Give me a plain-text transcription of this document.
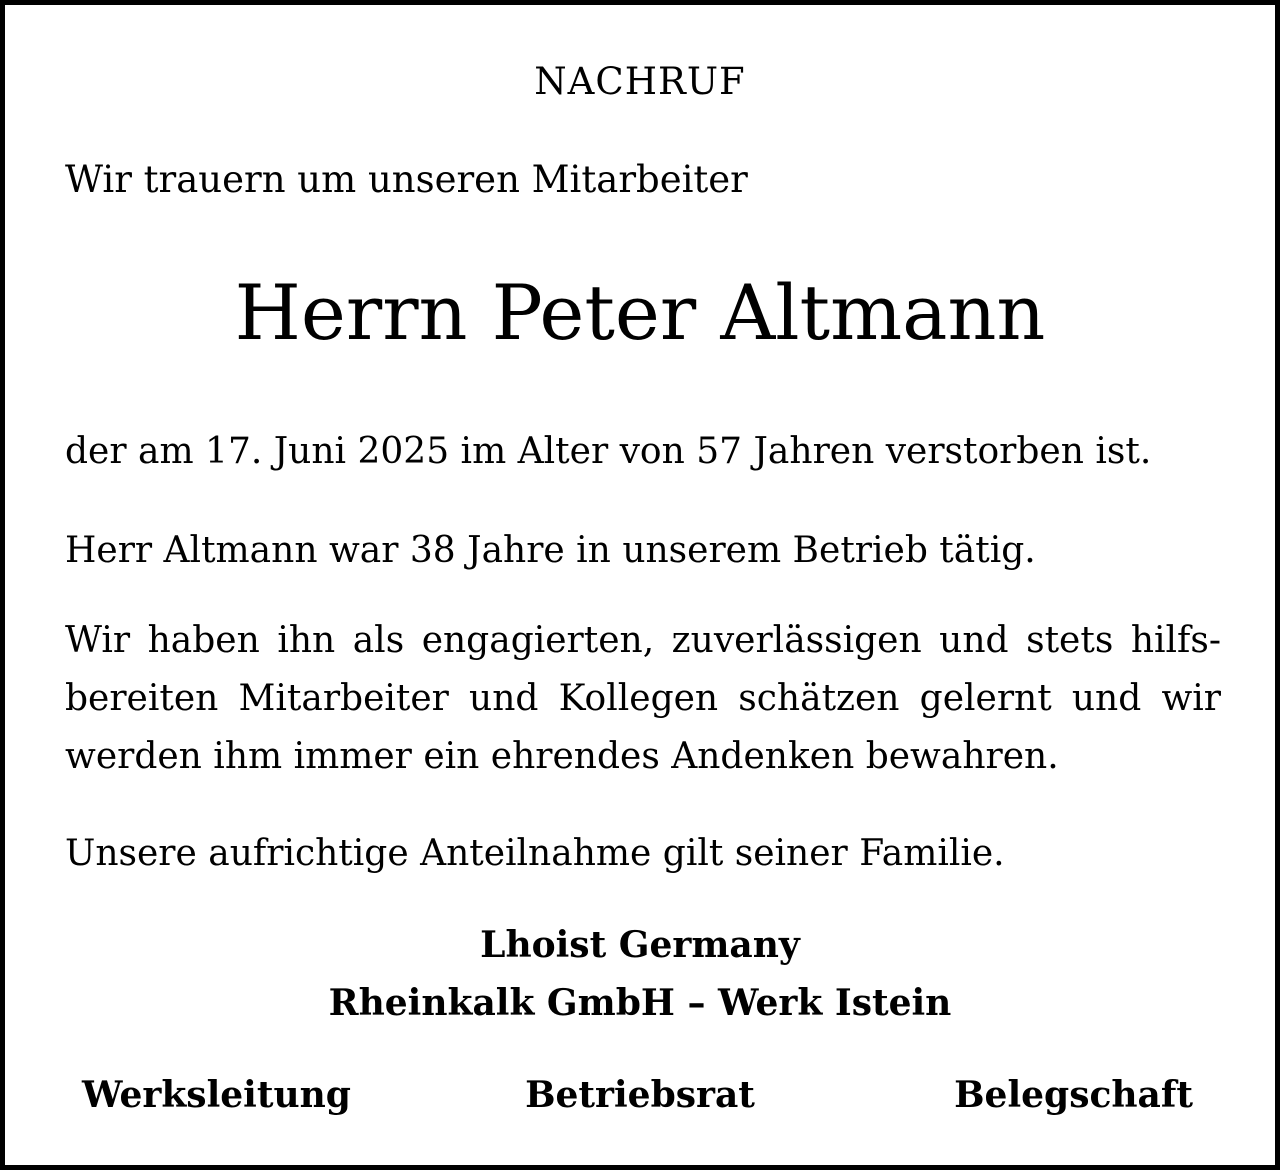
NACHRUF
Wir trauern um unseren Mitarbeiter
Herrn Peter Altmann

der am 17. Juni 2025 im Alter von 57 Jahren verstorben ist.

Herr Altmann war 38 Jahre in unserem Betrieb tätig.

Wir haben ihn als engagierten, zuverlässigen und stets hilfs-
bereiten Mitarbeiter und Kollegen schätzen gelernt und wir
werden ihm immer ein ehrendes Andenken bewahren.

Unsere aufrichtige Anteilnahme gilt seiner Familie.

Lhoist Germany
Rheinkalk GmbH – Werk Istein
Werksleitung	Betriebsrat	Belegschaft
